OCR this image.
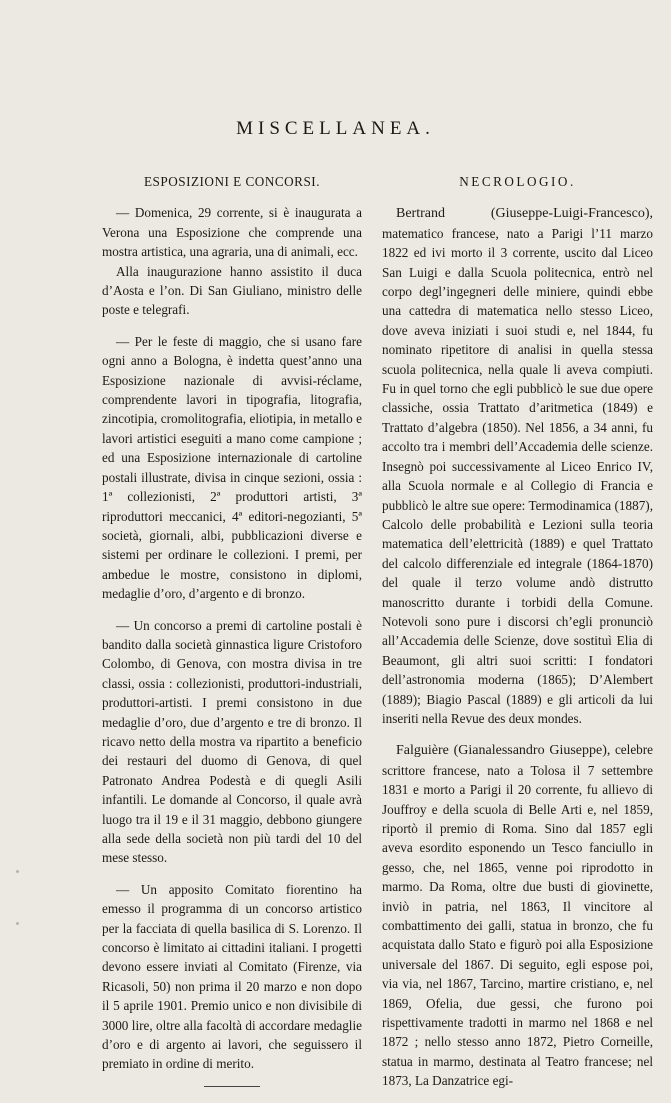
MISCELLANEA.
ESPOSIZIONI E CONCORSI.

— Domenica, 29 corrente, si è inaugurata a Verona una Esposizione che comprende una mostra artistica, una agraria, una di animali, ecc.

Alla inaugurazione hanno assistito il duca d’Aosta e l’on. Di San Giuliano, ministro delle poste e telegrafi.

— Per le feste di maggio, che si usano fare ogni anno a Bologna, è indetta quest’anno una Esposizione nazionale di avvisi-réclame, comprendente lavori in tipografia, litografia, zincotipia, cromolitografia, eliotipia, in metallo e lavori artistici eseguiti a mano come campione ; ed una Esposizione internazionale di cartoline postali illustrate, divisa in cinque sezioni, ossia : 1ª collezionisti, 2ª produttori artisti, 3ª riproduttori meccanici, 4ª editori-negozianti, 5ª società, giornali, albi, pubblicazioni diverse e sistemi per ordinare le collezioni. I premi, per ambedue le mostre, consistono in diplomi, medaglie d’oro, d’argento e di bronzo.

— Un concorso a premi di cartoline postali è bandito dalla società ginnastica ligure Cristoforo Colombo, di Genova, con mostra divisa in tre classi, ossia : collezionisti, produttori-industriali, produttori-artisti. I premi consistono in due medaglie d’oro, due d’argento e tre di bronzo. Il ricavo netto della mostra va ripartito a beneficio dei restauri del duomo di Genova, di quel Patronato Andrea Podestà e di quegli Asili infantili. Le domande al Concorso, il quale avrà luogo tra il 19 e il 31 maggio, debbono giungere alla sede della società non più tardi del 10 del mese stesso.

— Un apposito Comitato fiorentino ha emesso il programma di un concorso artistico per la facciata di quella basilica di S. Lorenzo. Il concorso è limitato ai cittadini italiani. I progetti devono essere inviati al Comitato (Firenze, via Ricasoli, 50) non prima il 20 marzo e non dopo il 5 aprile 1901. Premio unico e non divisibile di 3000 lire, oltre alla facoltà di accordare medaglie d’oro e di argento ai lavori, che seguissero il premiato in ordine di merito.

NECROLOGIO.

Bertrand (Giuseppe-Luigi-Francesco), matematico francese, nato a Parigi l’11 marzo 1822 ed ivi morto il 3 corrente, uscito dal Liceo San Luigi e dalla Scuola politecnica, entrò nel corpo degl’ingegneri delle miniere, quindi ebbe una cattedra di matematica nello stesso Liceo, dove aveva iniziati i suoi studi e, nel 1844, fu nominato ripetitore di analisi in quella stessa scuola politecnica, nella quale li aveva compiuti. Fu in quel torno che egli pubblicò le sue due opere classiche, ossia Trattato d’aritmetica (1849) e Trattato d’algebra (1850). Nel 1856, a 34 anni, fu accolto tra i membri dell’Accademia delle scienze. Insegnò poi successivamente al Liceo Enrico IV, alla Scuola normale e al Collegio di Francia e pubblicò le altre sue opere: Termodinamica (1887), Calcolo delle probabilità e Lezioni sulla teoria matematica dell’elettricità (1889) e quel Trattato del calcolo differenziale ed integrale (1864-1870) del quale il terzo volume andò distrutto manoscritto durante i torbidi della Comune. Notevoli sono pure i discorsi ch’egli pronunciò all’Accademia delle Scienze, dove sostituì Elia di Beaumont, gli altri suoi scritti: I fondatori dell’astronomia moderna (1865); D’Alembert (1889); Biagio Pascal (1889) e gli articoli da lui inseriti nella Revue des deux mondes.

Falguière (Gianalessandro Giuseppe), celebre scrittore francese, nato a Tolosa il 7 settembre 1831 e morto a Parigi il 20 corrente, fu allievo di Jouffroy e della scuola di Belle Arti e, nel 1859, riportò il premio di Roma. Sino dal 1857 egli aveva esordito esponendo un Tesco fanciullo in gesso, che, nel 1865, venne poi riprodotto in marmo. Da Roma, oltre due busti di giovinette, inviò in patria, nel 1863, Il vincitore al combattimento dei galli, statua in bronzo, che fu acquistata dallo Stato e figurò poi alla Esposizione universale del 1867. Di seguito, egli espose poi, via via, nel 1867, Tarcino, martire cristiano, e, nel 1869, Ofelia, due gessi, che furono poi rispettivamente tradotti in marmo nel 1868 e nel 1872 ; nello stesso anno 1872, Pietro Corneille, statua in marmo, destinata al Teatro francese; nel 1873, La Danzatrice egi-
